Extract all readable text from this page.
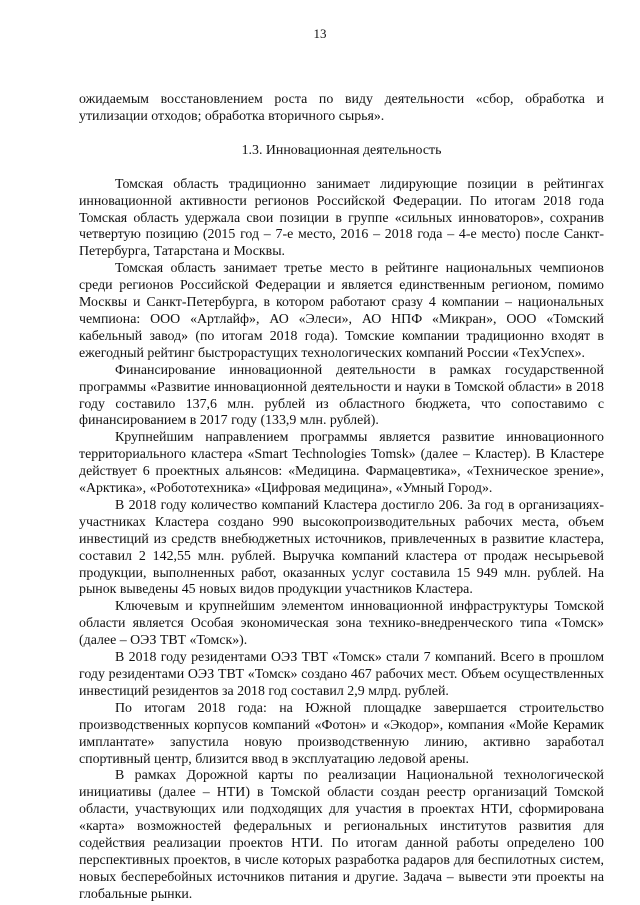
13

ожидаемым восстановлением роста по виду деятельности «сбор, обработка и утилизации отходов; обработка вторичного сырья».

1.3. Инновационная деятельность

Томская область традиционно занимает лидирующие позиции в рейтингах инновационной активности регионов Российской Федерации. По итогам 2018 года Томская область удержала свои позиции в группе «сильных инноваторов», сохранив четвертую позицию (2015 год – 7-е место, 2016 – 2018 года – 4-е место) после Санкт-Петербурга, Татарстана и Москвы.

Томская область занимает третье место в рейтинге национальных чемпионов среди регионов Российской Федерации и является единственным регионом, помимо Москвы и Санкт-Петербурга, в котором работают сразу 4 компании – национальных чемпиона: ООО «Артлайф», АО «Элеси», АО НПФ «Микран», ООО «Томский кабельный завод» (по итогам 2018 года). Томские компании традиционно входят в ежегодный рейтинг быстрорастущих технологических компаний России «ТехУспех».

Финансирование инновационной деятельности в рамках государственной программы «Развитие инновационной деятельности и науки в Томской области» в 2018 году составило 137,6 млн. рублей из областного бюджета, что сопоставимо с финансированием в 2017 году (133,9 млн. рублей).

Крупнейшим направлением программы является развитие инновационного территориального кластера «Smart Technologies Tomsk» (далее – Кластер). В Кластере действует 6 проектных альянсов: «Медицина. Фармацевтика», «Техническое зрение», «Арктика», «Робототехника» «Цифровая медицина», «Умный Город».

В 2018 году количество компаний Кластера достигло 206. За год в организациях-участниках Кластера создано 990 высокопроизводительных рабочих места, объем инвестиций из средств внебюджетных источников, привлеченных в развитие кластера, составил 2 142,55 млн. рублей. Выручка компаний кластера от продаж несырьевой продукции, выполненных работ, оказанных услуг составила 15 949 млн. рублей. На рынок выведены 45 новых видов продукции участников Кластера.

Ключевым и крупнейшим элементом инновационной инфраструктуры Томской области является Особая экономическая зона технико-внедренческого типа «Томск» (далее – ОЭЗ ТВТ «Томск»).

В 2018 году резидентами ОЭЗ ТВТ «Томск» стали 7 компаний. Всего в прошлом году резидентами ОЭЗ ТВТ «Томск» создано 467 рабочих мест. Объем осуществленных инвестиций резидентов за 2018 год составил 2,9 млрд. рублей.

По итогам 2018 года: на Южной площадке завершается строительство производственных корпусов компаний «Фотон» и «Экодор», компания «Мойе Керамик имплантате» запустила новую производственную линию, активно заработал спортивный центр, близится ввод в эксплуатацию ледовой арены.

В рамках Дорожной карты по реализации Национальной технологической инициативы (далее – НТИ) в Томской области создан реестр организаций Томской области, участвующих или подходящих для участия в проектах НТИ, сформирована «карта» возможностей федеральных и региональных институтов развития для содействия реализации проектов НТИ. По итогам данной работы определено 100 перспективных проектов, в числе которых разработка радаров для беспилотных систем, новых бесперебойных источников питания и другие. Задача – вывести эти проекты на глобальные рынки.
